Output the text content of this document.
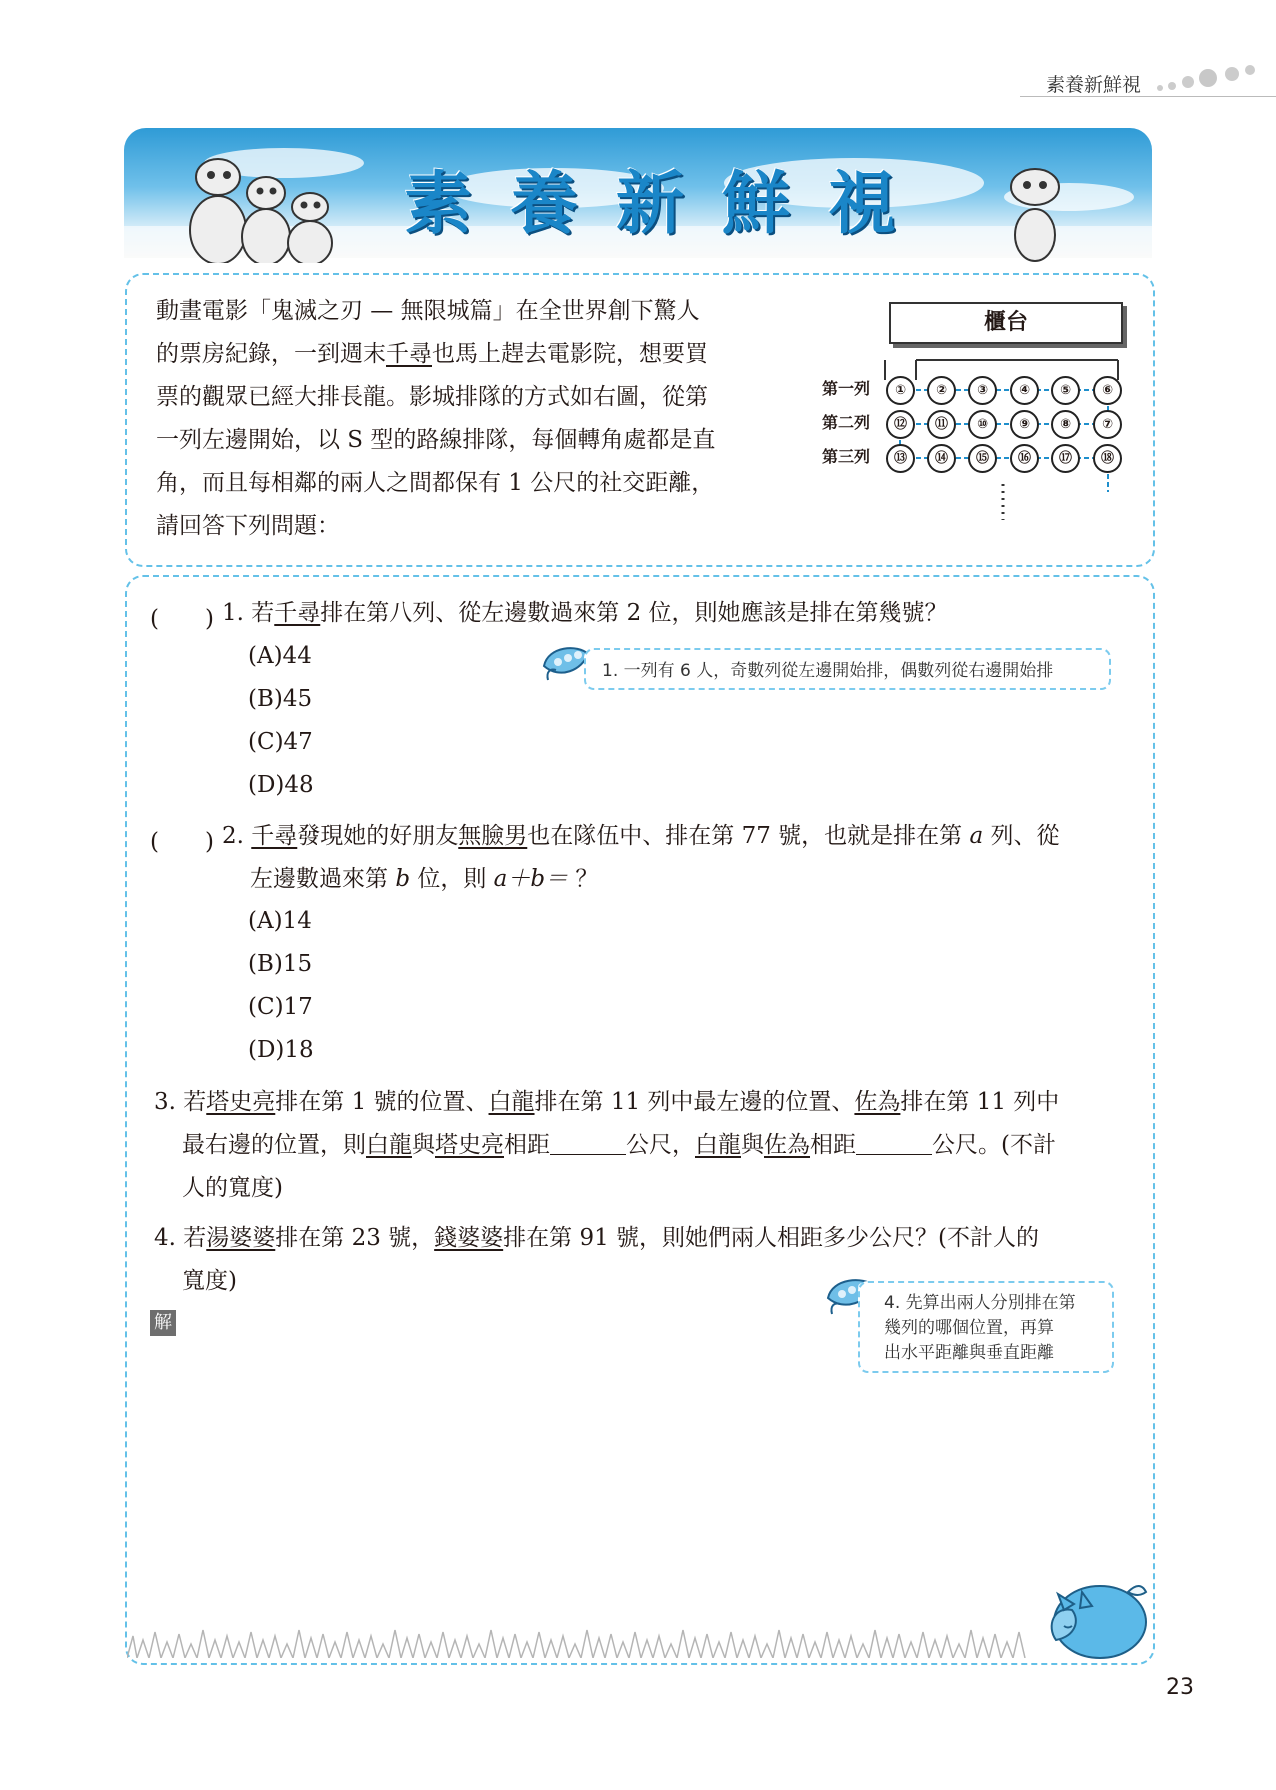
素養新鮮視
素養新鮮視
動畫電影「鬼滅之刃 — 無限城篇」在全世界創下驚人
的票房紀錄，一到週末千尋也馬上趕去電影院，想要買
票的觀眾已經大排長龍。影城排隊的方式如右圖，從第
一列左邊開始，以 S 型的路線排隊，每個轉角處都是直
角，而且每相鄰的兩人之間都保有 1 公尺的社交距離，
請回答下列問題：
櫃台
第一列
第二列
第三列
①	②	③	④	⑤	⑥
⑫	⑪	⑩	⑨	⑧	⑦
⑬	⑭	⑮	⑯	⑰	⑱
(　　) 1. 若千尋排在第八列、從左邊數過來第 2 位，則她應該是排在第幾號？
(A)44
(B)45
(C)47
(D)48
1. 一列有 6 人，奇數列從左邊開始排，偶數列從右邊開始排
(　　) 2. 千尋發現她的好朋友無臉男也在隊伍中、排在第 77 號，也就是排在第 a 列、從
左邊數過來第 b 位，則 a＋b＝ ？
(A)14
(B)15
(C)17
(D)18
3. 若塔史亮排在第 1 號的位置、白龍排在第 11 列中最左邊的位置、佐為排在第 11 列中
最右邊的位置，則白龍與塔史亮相距	公尺，白龍與佐為相距	公尺。(不計
人的寬度)
4. 若湯婆婆排在第 23 號，錢婆婆排在第 91 號，則她們兩人相距多少公尺？(不計人的
寬度)
4. 先算出兩人分別排在第
幾列的哪個位置，再算
出水平距離與垂直距離
解
23
